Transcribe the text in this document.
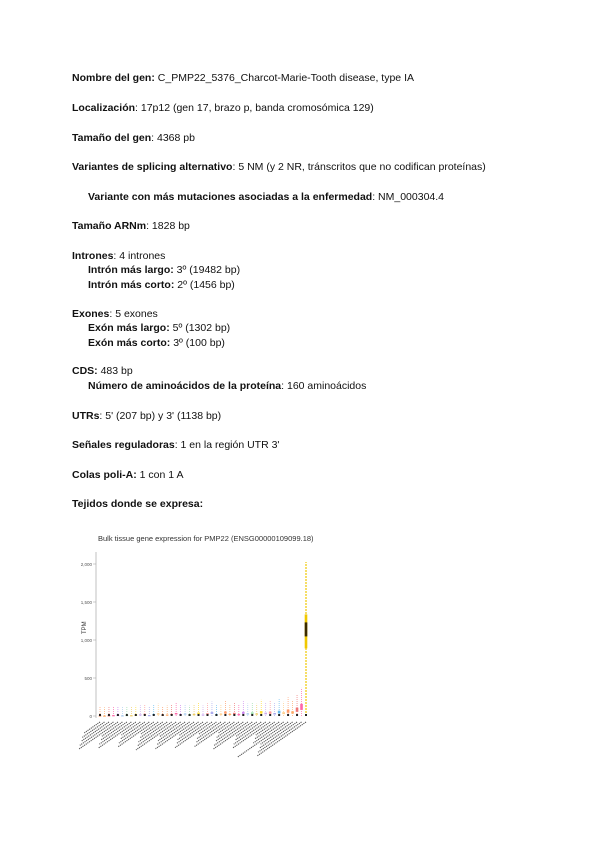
Nombre del gen: C_PMP22_5376_Charcot-Marie-Tooth disease, type IA
Localización: 17p12 (gen 17, brazo p, banda cromosómica 129)
Tamaño del gen: 4368 pb
Variantes de splicing alternativo: 5 NM (y 2 NR, tránscritos que no codifican proteínas)
Variante con más mutaciones asociadas a la enfermedad: NM_000304.4
Tamaño ARNm: 1828 bp
Intrones: 4 intrones
Intrón más largo: 3º (19482 bp)
Intrón más corto: 2º (1456 bp)
Exones: 5 exones
Exón más largo: 5º (1302 bp)
Exón más corto: 3º (100 bp)
CDS: 483 bp
Número de aminoácidos de la proteína: 160 aminoácidos
UTRs: 5' (207 bp) y 3' (1138 bp)
Señales reguladoras: 1 en la región UTR 3'
Colas poli-A: 1 con 1 A
Tejidos donde se expresa:
Bulk tissue gene expression for PMP22 (ENSG00000109099.18)
TPM
0
500
1,000
1,500
2,000
